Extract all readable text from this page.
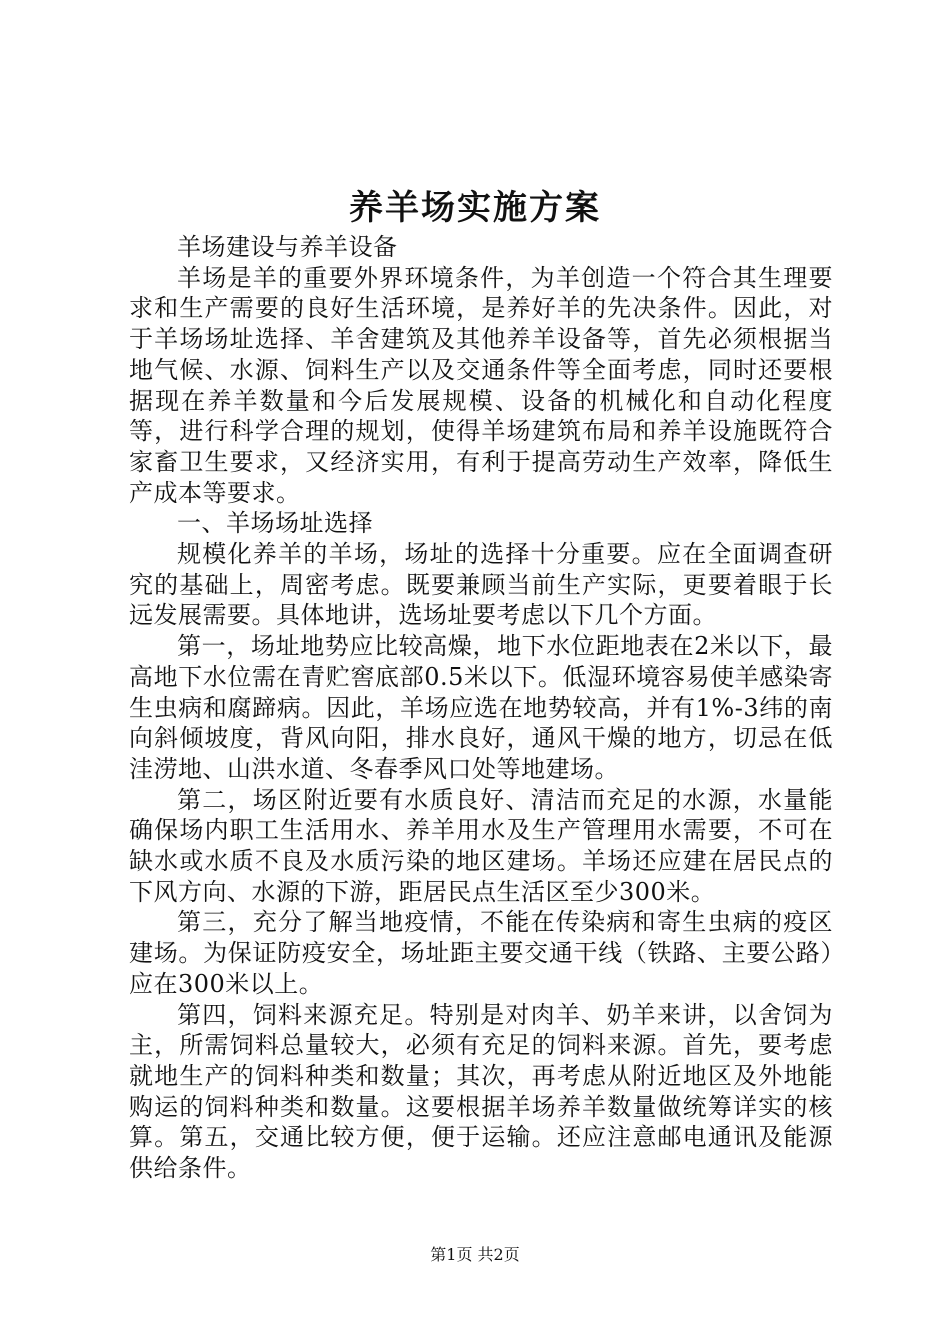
养羊场实施方案

羊场建设与养羊设备

羊场是羊的重要外界环境条件，为羊创造一个符合其生理要求和生产需要的良好生活环境，是养好羊的先决条件。因此，对于羊场场址选择、羊舍建筑及其他养羊设备等，首先必须根据当地气候、水源、饲料生产以及交通条件等全面考虑，同时还要根据现在养羊数量和今后发展规模、设备的机械化和自动化程度等，进行科学合理的规划，使得羊场建筑布局和养羊设施既符合家畜卫生要求，又经济实用，有利于提高劳动生产效率，降低生产成本等要求。

一、羊场场址选择

规模化养羊的羊场，场址的选择十分重要。应在全面调查研究的基础上，周密考虑。既要兼顾当前生产实际，更要着眼于长远发展需要。具体地讲，选场址要考虑以下几个方面。

第一，场址地势应比较高燥，地下水位距地表在2米以下，最高地下水位需在青贮窖底部0.5米以下。低湿环境容易使羊感染寄生虫病和腐蹄病。因此，羊场应选在地势较高，并有1%-3纬的南向斜倾坡度，背风向阳，排水良好，通风干燥的地方，切忌在低洼涝地、山洪水道、冬春季风口处等地建场。

第二，场区附近要有水质良好、清洁而充足的水源，水量能确保场内职工生活用水、养羊用水及生产管理用水需要，不可在缺水或水质不良及水质污染的地区建场。羊场还应建在居民点的下风方向、水源的下游，距居民点生活区至少300米。

第三，充分了解当地疫情，不能在传染病和寄生虫病的疫区建场。为保证防疫安全，场址距主要交通干线（铁路、主要公路）应在300米以上。

第四，饲料来源充足。特别是对肉羊、奶羊来讲，以舍饲为主，所需饲料总量较大，必须有充足的饲料来源。首先，要考虑就地生产的饲料种类和数量；其次，再考虑从附近地区及外地能购运的饲料种类和数量。这要根据羊场养羊数量做统筹详实的核算。第五，交通比较方便，便于运输。还应注意邮电通讯及能源供给条件。

第1页 共2页
